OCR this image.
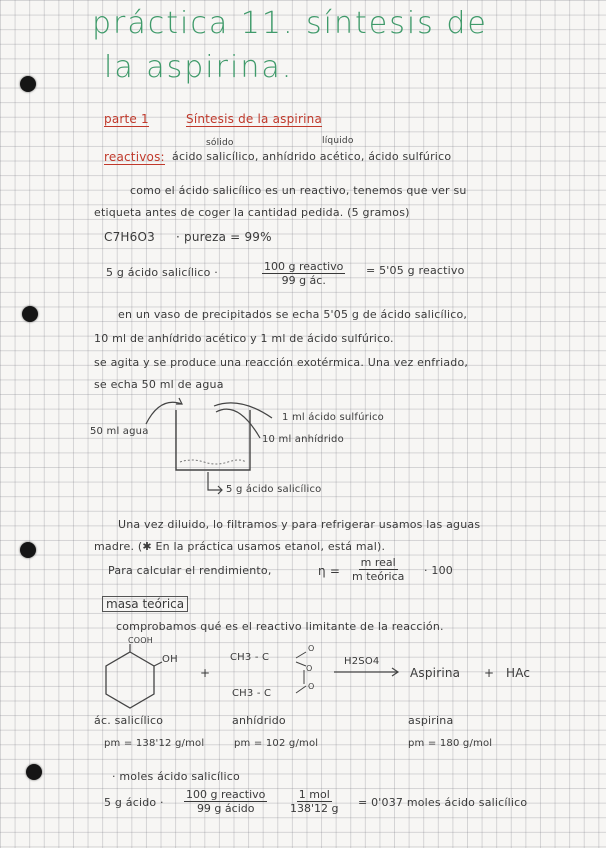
práctica 11. síntesis de
la aspirina.
parte 1	Síntesis de la aspirina
sólido	líquido
reactivos: ácido salicílico, anhídrido acético, ácido sulfúrico
como el ácido salicílico es un reactivo, tenemos que ver su
etiqueta antes de coger la cantidad pedida. (5 gramos)
C7H6O3 · pureza = 99%
5 g ácido salicílico ·	100 g reactivo
99 g ác.
= 5'05 g reactivo
en un vaso de precipitados se echa 5'05 g de ácido salicílico,
10 ml de anhídrido acético y 1 ml de ácido sulfúrico.
se agita y se produce una reacción exotérmica. Una vez enfriado,
se echa 50 ml de agua
50 ml agua
1 ml ácido sulfúrico
10 ml anhídrido
5 g ácido salicílico
Una vez diluido, lo filtramos y para refrigerar usamos las aguas
madre. (✱ En la práctica usamos etanol, está mal).
Para calcular el rendimiento,	η =
m real
m teórica · 100
masa teórica
comprobamos qué es el reactivo limitante de la reacción.
COOH
OH
+
CH3 - C
O
O
CH3 - C
O
H2SO4
Aspirina + HAc
ác. salicílico	anhídrido	aspirina
pm = 138'12 g/mol	pm = 102 g/mol	pm = 180 g/mol
· moles ácido salicílico
5 g ácido ·
100 g reactivo
99 g ácido
1 mol
138'12 g = 0'037 moles ácido salicílico
